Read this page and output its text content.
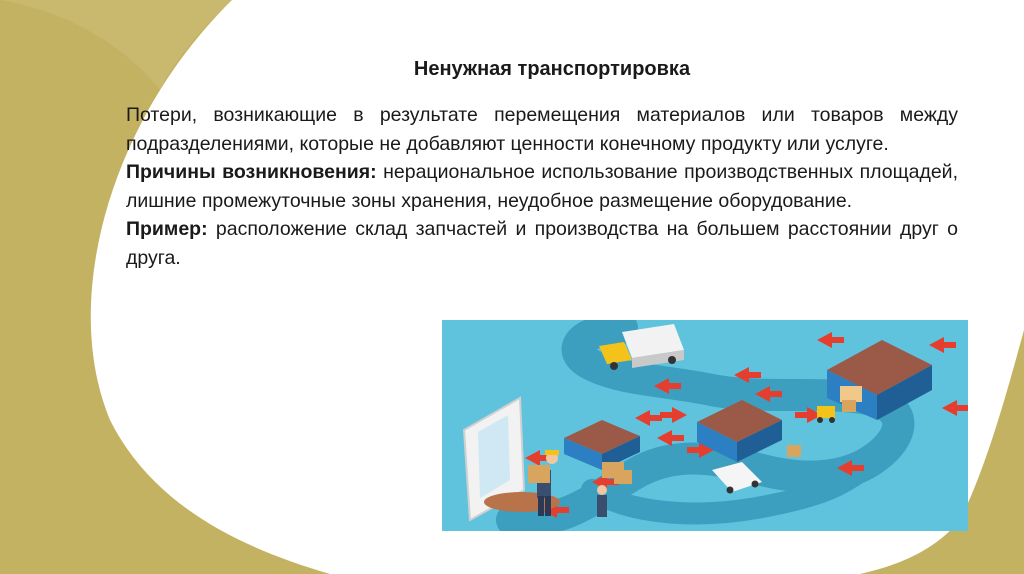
Ненужная транспортировка

Потери, возникающие в результате перемещения материалов или товаров между подразделениями, которые не добавляют ценности конечному продукту или услуге.

Причины возникновения: нерациональное использование производственных площадей, лишние промежуточные зоны хранения, неудобное размещение оборудование.

Пример: расположение склад запчастей и производства на большем расстоянии друг о друга.
